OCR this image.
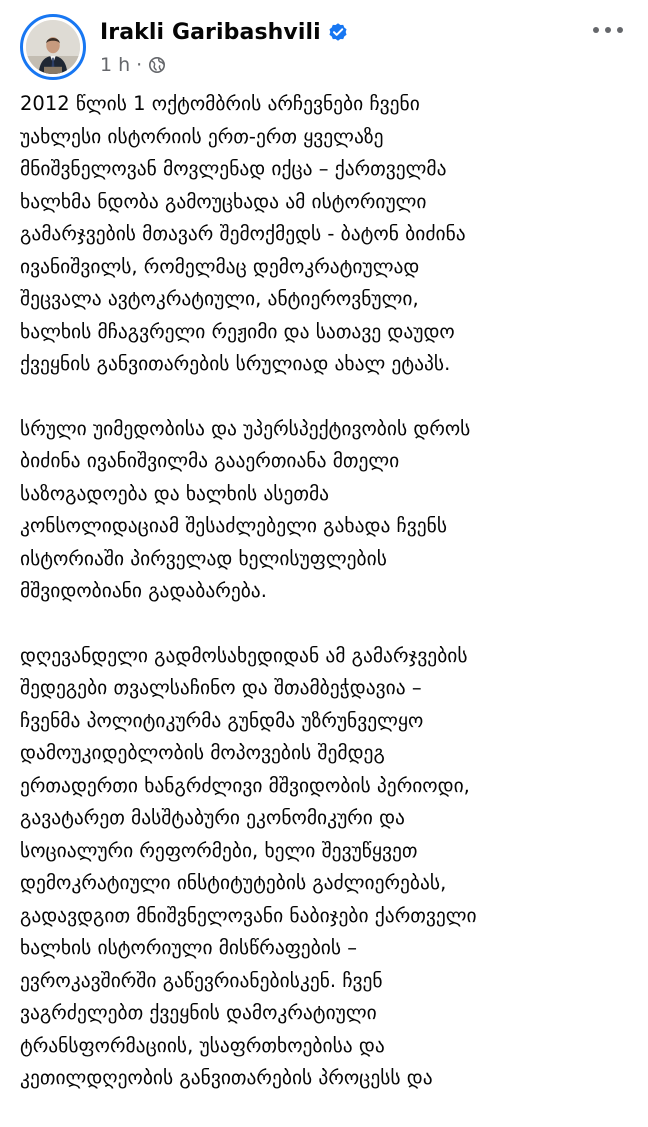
Irakli Garibashvili
1 h ·

2012 წლის 1 ოქტომბრის არჩევნები ჩვენი
უახლესი ისტორიის ერთ-ერთ ყველაზე
მნიშვნელოვან მოვლენად იქცა – ქართველმა
ხალხმა ნდობა გამოუცხადა ამ ისტორიული
გამარჯვების მთავარ შემოქმედს - ბატონ ბიძინა
ივანიშვილს, რომელმაც დემოკრატიულად
შეცვალა ავტოკრატიული, ანტიეროვნული,
ხალხის მჩაგვრელი რეჟიმი და სათავე დაუდო
ქვეყნის განვითარების სრულიად ახალ ეტაპს.

სრული უიმედობისა და უპერსპექტივობის დროს
ბიძინა ივანიშვილმა გააერთიანა მთელი
საზოგადოება და ხალხის ასეთმა
კონსოლიდაციამ შესაძლებელი გახადა ჩვენს
ისტორიაში პირველად ხელისუფლების
მშვიდობიანი გადაბარება.

დღევანდელი გადმოსახედიდან ამ გამარჯვების
შედეგები თვალსაჩინო და შთამბეჭდავია –
ჩვენმა პოლიტიკურმა გუნდმა უზრუნველყო
დამოუკიდებლობის მოპოვების შემდეგ
ერთადერთი ხანგრძლივი მშვიდობის პერიოდი,
გავატარეთ მასშტაბური ეკონომიკური და
სოციალური რეფორმები, ხელი შევუწყვეთ
დემოკრატიული ინსტიტუტების გაძლიერებას,
გადავდგით მნიშვნელოვანი ნაბიჯები ქართველი
ხალხის ისტორიული მისწრაფების –
ევროკავშირში გაწევრიანებისკენ. ჩვენ
ვაგრძელებთ ქვეყნის დამოკრატიული
ტრანსფორმაციის, უსაფრთხოებისა და
კეთილდღეობის განვითარების პროცესს და
